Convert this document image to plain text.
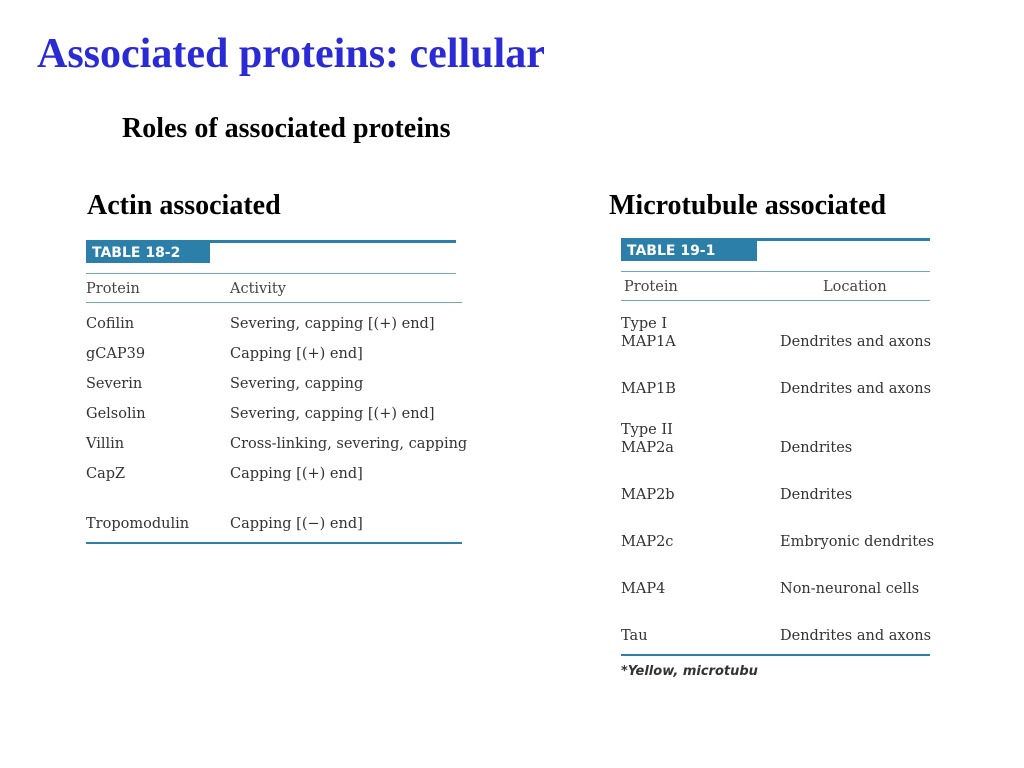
Associated proteins: cellular
Roles of associated proteins
Actin associated	Microtubule associated
TABLE 18-2
Protein	Activity
Cofilin	Severing, capping [(+) end]
gCAP39	Capping [(+) end]
Severin	Severing, capping
Gelsolin	Severing, capping [(+) end]
Villin	Cross-linking, severing, capping
CapZ	Capping [(+) end]
Tropomodulin	Capping [(−) end]
TABLE 19-1
Protein	Location
Type I
MAP1A	Dendrites and axons
MAP1B	Dendrites and axons
Type II
MAP2a	Dendrites
MAP2b	Dendrites
MAP2c	Embryonic dendrites
MAP4	Non-neuronal cells
Tau	Dendrites and axons
*Yellow, microtubu
